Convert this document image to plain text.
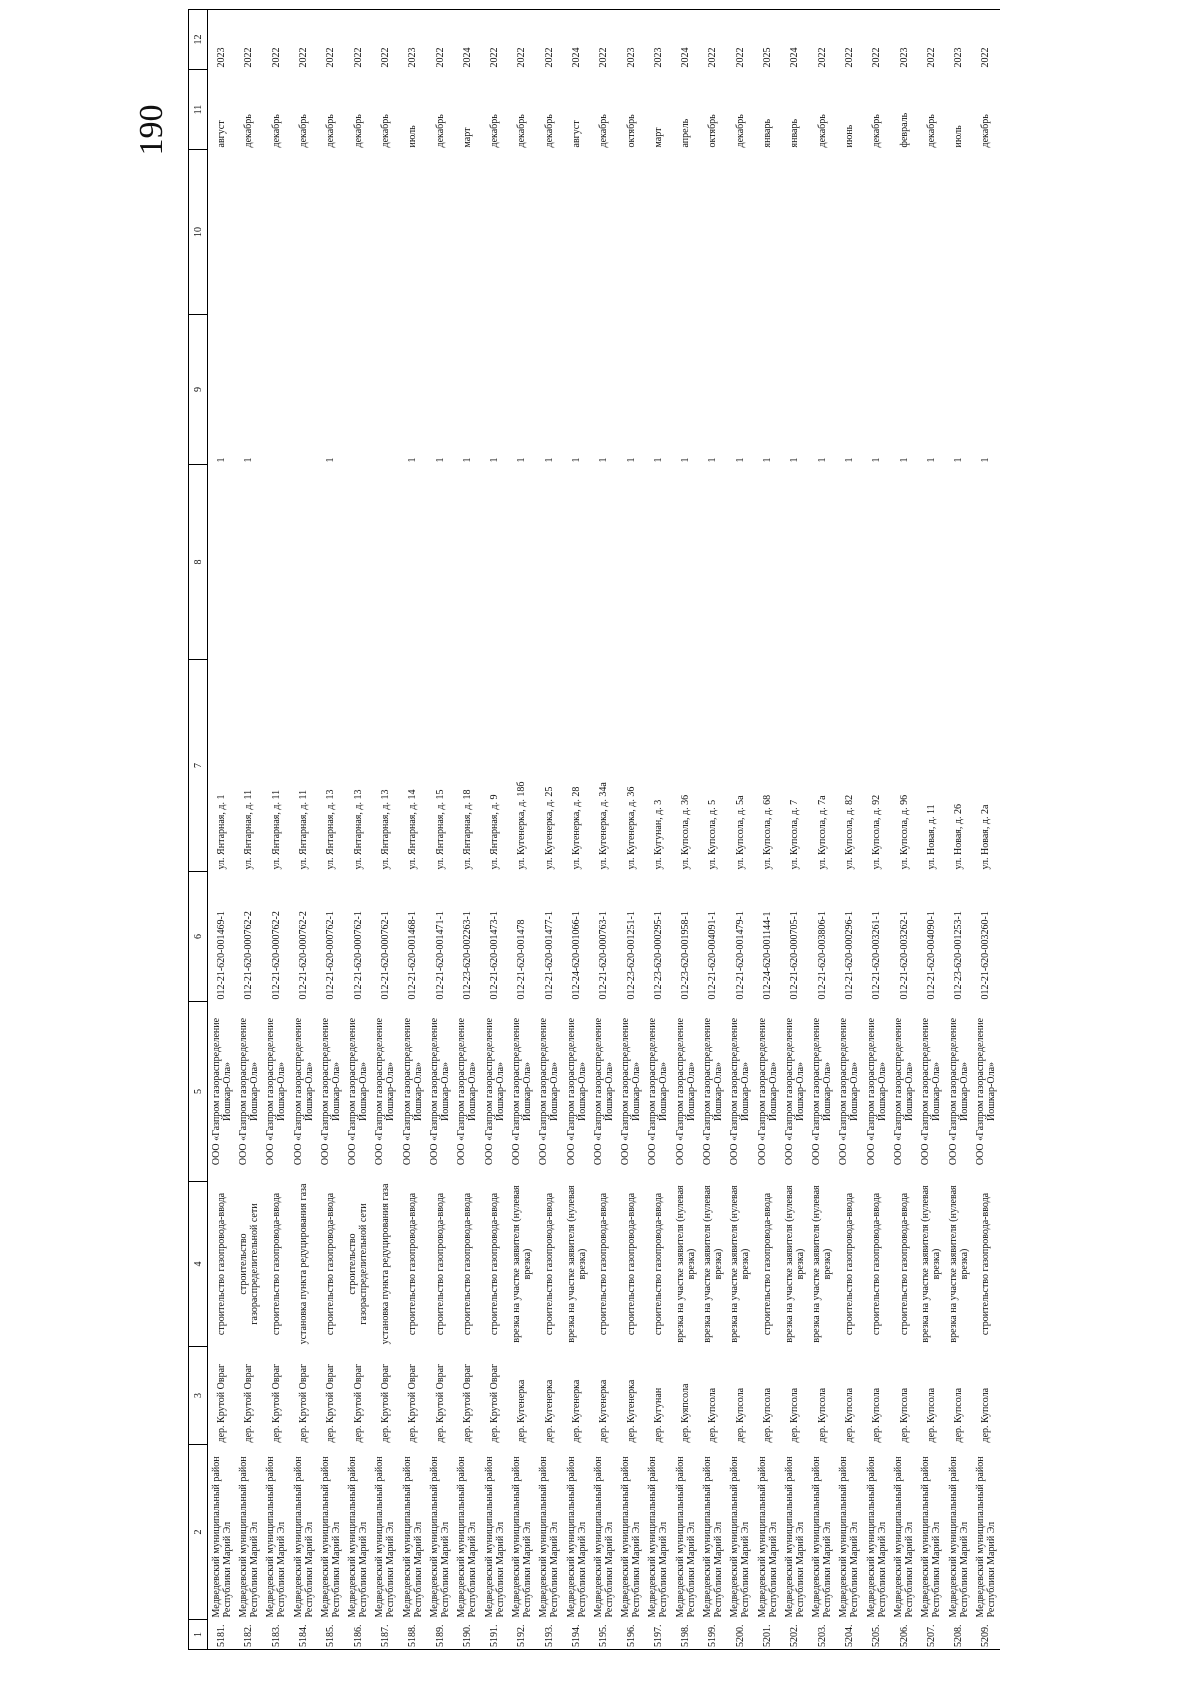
190
1	2	3	4	5	6	7	8	9	10	11	12
5181.	Медведевский муниципальный район Республики Марий Эл	дер. Крутой Овраг	строительство газопровода-ввода	ООО «Газпром газораспределение Йошкар-Ола»	012-21-620-001469-1	ул. Янтарная, д. 1		1		август	2023
5182.	Медведевский муниципальный район Республики Марий Эл	дер. Крутой Овраг	строительство газораспределительной сети	ООО «Газпром газораспределение Йошкар-Ола»	012-21-620-000762-2	ул. Янтарная, д. 11		1		декабрь	2022
5183.	Медведевский муниципальный район Республики Марий Эл	дер. Крутой Овраг	строительство газопровода-ввода	ООО «Газпром газораспределение Йошкар-Ола»	012-21-620-000762-2	ул. Янтарная, д. 11				декабрь	2022
5184.	Медведевский муниципальный район Республики Марий Эл	дер. Крутой Овраг	установка пункта редуцирования газа	ООО «Газпром газораспределение Йошкар-Ола»	012-21-620-000762-2	ул. Янтарная, д. 11				декабрь	2022
5185.	Медведевский муниципальный район Республики Марий Эл	дер. Крутой Овраг	строительство газопровода-ввода	ООО «Газпром газораспределение Йошкар-Ола»	012-21-620-000762-1	ул. Янтарная, д. 13		1		декабрь	2022
5186.	Медведевский муниципальный район Республики Марий Эл	дер. Крутой Овраг	строительство газораспределительной сети	ООО «Газпром газораспределение Йошкар-Ола»	012-21-620-000762-1	ул. Янтарная, д. 13				декабрь	2022
5187.	Медведевский муниципальный район Республики Марий Эл	дер. Крутой Овраг	установка пункта редуцирования газа	ООО «Газпром газораспределение Йошкар-Ола»	012-21-620-000762-1	ул. Янтарная, д. 13				декабрь	2022
5188.	Медведевский муниципальный район Республики Марий Эл	дер. Крутой Овраг	строительство газопровода-ввода	ООО «Газпром газораспределение Йошкар-Ола»	012-21-620-001468-1	ул. Янтарная, д. 14		1		июль	2023
5189.	Медведевский муниципальный район Республики Марий Эл	дер. Крутой Овраг	строительство газопровода-ввода	ООО «Газпром газораспределение Йошкар-Ола»	012-21-620-001471-1	ул. Янтарная, д. 15		1		декабрь	2022
5190.	Медведевский муниципальный район Республики Марий Эл	дер. Крутой Овраг	строительство газопровода-ввода	ООО «Газпром газораспределение Йошкар-Ола»	012-23-620-002263-1	ул. Янтарная, д. 18		1		март	2024
5191.	Медведевский муниципальный район Республики Марий Эл	дер. Крутой Овраг	строительство газопровода-ввода	ООО «Газпром газораспределение Йошкар-Ола»	012-21-620-001473-1	ул. Янтарная, д. 9		1		декабрь	2022
5192.	Медведевский муниципальный район Республики Марий Эл	дер. Кугенерка	врезка на участке заявителя (нулевая врезка)	ООО «Газпром газораспределение Йошкар-Ола»	012-21-620-001478	ул. Кугенерка, д. 18б		1		декабрь	2022
5193.	Медведевский муниципальный район Республики Марий Эл	дер. Кугенерка	строительство газопровода-ввода	ООО «Газпром газораспределение Йошкар-Ола»	012-21-620-001477-1	ул. Кугенерка, д. 25		1		декабрь	2022
5194.	Медведевский муниципальный район Республики Марий Эл	дер. Кугенерка	врезка на участке заявителя (нулевая врезка)	ООО «Газпром газораспределение Йошкар-Ола»	012-24-620-001066-1	ул. Кугенерка, д. 28		1		август	2024
5195.	Медведевский муниципальный район Республики Марий Эл	дер. Кугенерка	строительство газопровода-ввода	ООО «Газпром газораспределение Йошкар-Ола»	012-21-620-000763-1	ул. Кугенерка, д. 34а		1		декабрь	2022
5196.	Медведевский муниципальный район Республики Марий Эл	дер. Кугенерка	строительство газопровода-ввода	ООО «Газпром газораспределение Йошкар-Ола»	012-23-620-001251-1	ул. Кугенерка, д. 36		1		октябрь	2023
5197.	Медведевский муниципальный район Республики Марий Эл	дер. Кугунан	строительство газопровода-ввода	ООО «Газпром газораспределение Йошкар-Ола»	012-23-620-000295-1	ул. Кугунан, д. 3		1		март	2023
5198.	Медведевский муниципальный район Республики Марий Эл	дер. Куяпсола	врезка на участке заявителя (нулевая врезка)	ООО «Газпром газораспределение Йошкар-Ола»	012-23-620-001958-1	ул. Купсола, д. 36		1		апрель	2024
5199.	Медведевский муниципальный район Республики Марий Эл	дер. Купсола	врезка на участке заявителя (нулевая врезка)	ООО «Газпром газораспределение Йошкар-Ола»	012-21-620-004091-1	ул. Купсола, д. 5		1		октябрь	2022
5200.	Медведевский муниципальный район Республики Марий Эл	дер. Купсола	врезка на участке заявителя (нулевая врезка)	ООО «Газпром газораспределение Йошкар-Ола»	012-21-620-001479-1	ул. Купсола, д. 5а		1		декабрь	2022
5201.	Медведевский муниципальный район Республики Марий Эл	дер. Купсола	строительство газопровода-ввода	ООО «Газпром газораспределение Йошкар-Ола»	012-24-620-001144-1	ул. Купсола, д. 68		1		январь	2025
5202.	Медведевский муниципальный район Республики Марий Эл	дер. Купсола	врезка на участке заявителя (нулевая врезка)	ООО «Газпром газораспределение Йошкар-Ола»	012-21-620-000705-1	ул. Купсола, д. 7		1		январь	2024
5203.	Медведевский муниципальный район Республики Марий Эл	дер. Купсола	врезка на участке заявителя (нулевая врезка)	ООО «Газпром газораспределение Йошкар-Ола»	012-21-620-003806-1	ул. Купсола, д. 7а		1		декабрь	2022
5204.	Медведевский муниципальный район Республики Марий Эл	дер. Купсола	строительство газопровода-ввода	ООО «Газпром газораспределение Йошкар-Ола»	012-21-620-000296-1	ул. Купсола, д. 82		1		июнь	2022
5205.	Медведевский муниципальный район Республики Марий Эл	дер. Купсола	строительство газопровода-ввода	ООО «Газпром газораспределение Йошкар-Ола»	012-21-620-003261-1	ул. Купсола, д. 92		1		декабрь	2022
5206.	Медведевский муниципальный район Республики Марий Эл	дер. Купсола	строительство газопровода-ввода	ООО «Газпром газораспределение Йошкар-Ола»	012-21-620-003262-1	ул. Купсола, д. 96		1		февраль	2023
5207.	Медведевский муниципальный район Республики Марий Эл	дер. Купсола	врезка на участке заявителя (нулевая врезка)	ООО «Газпром газораспределение Йошкар-Ола»	012-21-620-004090-1	ул. Новая, д. 11		1		декабрь	2022
5208.	Медведевский муниципальный район Республики Марий Эл	дер. Купсола	врезка на участке заявителя (нулевая врезка)	ООО «Газпром газораспределение Йошкар-Ола»	012-23-620-001253-1	ул. Новая, д. 26		1		июль	2023
5209.	Медведевский муниципальный район Республики Марий Эл	дер. Купсола	строительство газопровода-ввода	ООО «Газпром газораспределение Йошкар-Ола»	012-21-620-003260-1	ул. Новая, д. 2а		1		декабрь	2022
